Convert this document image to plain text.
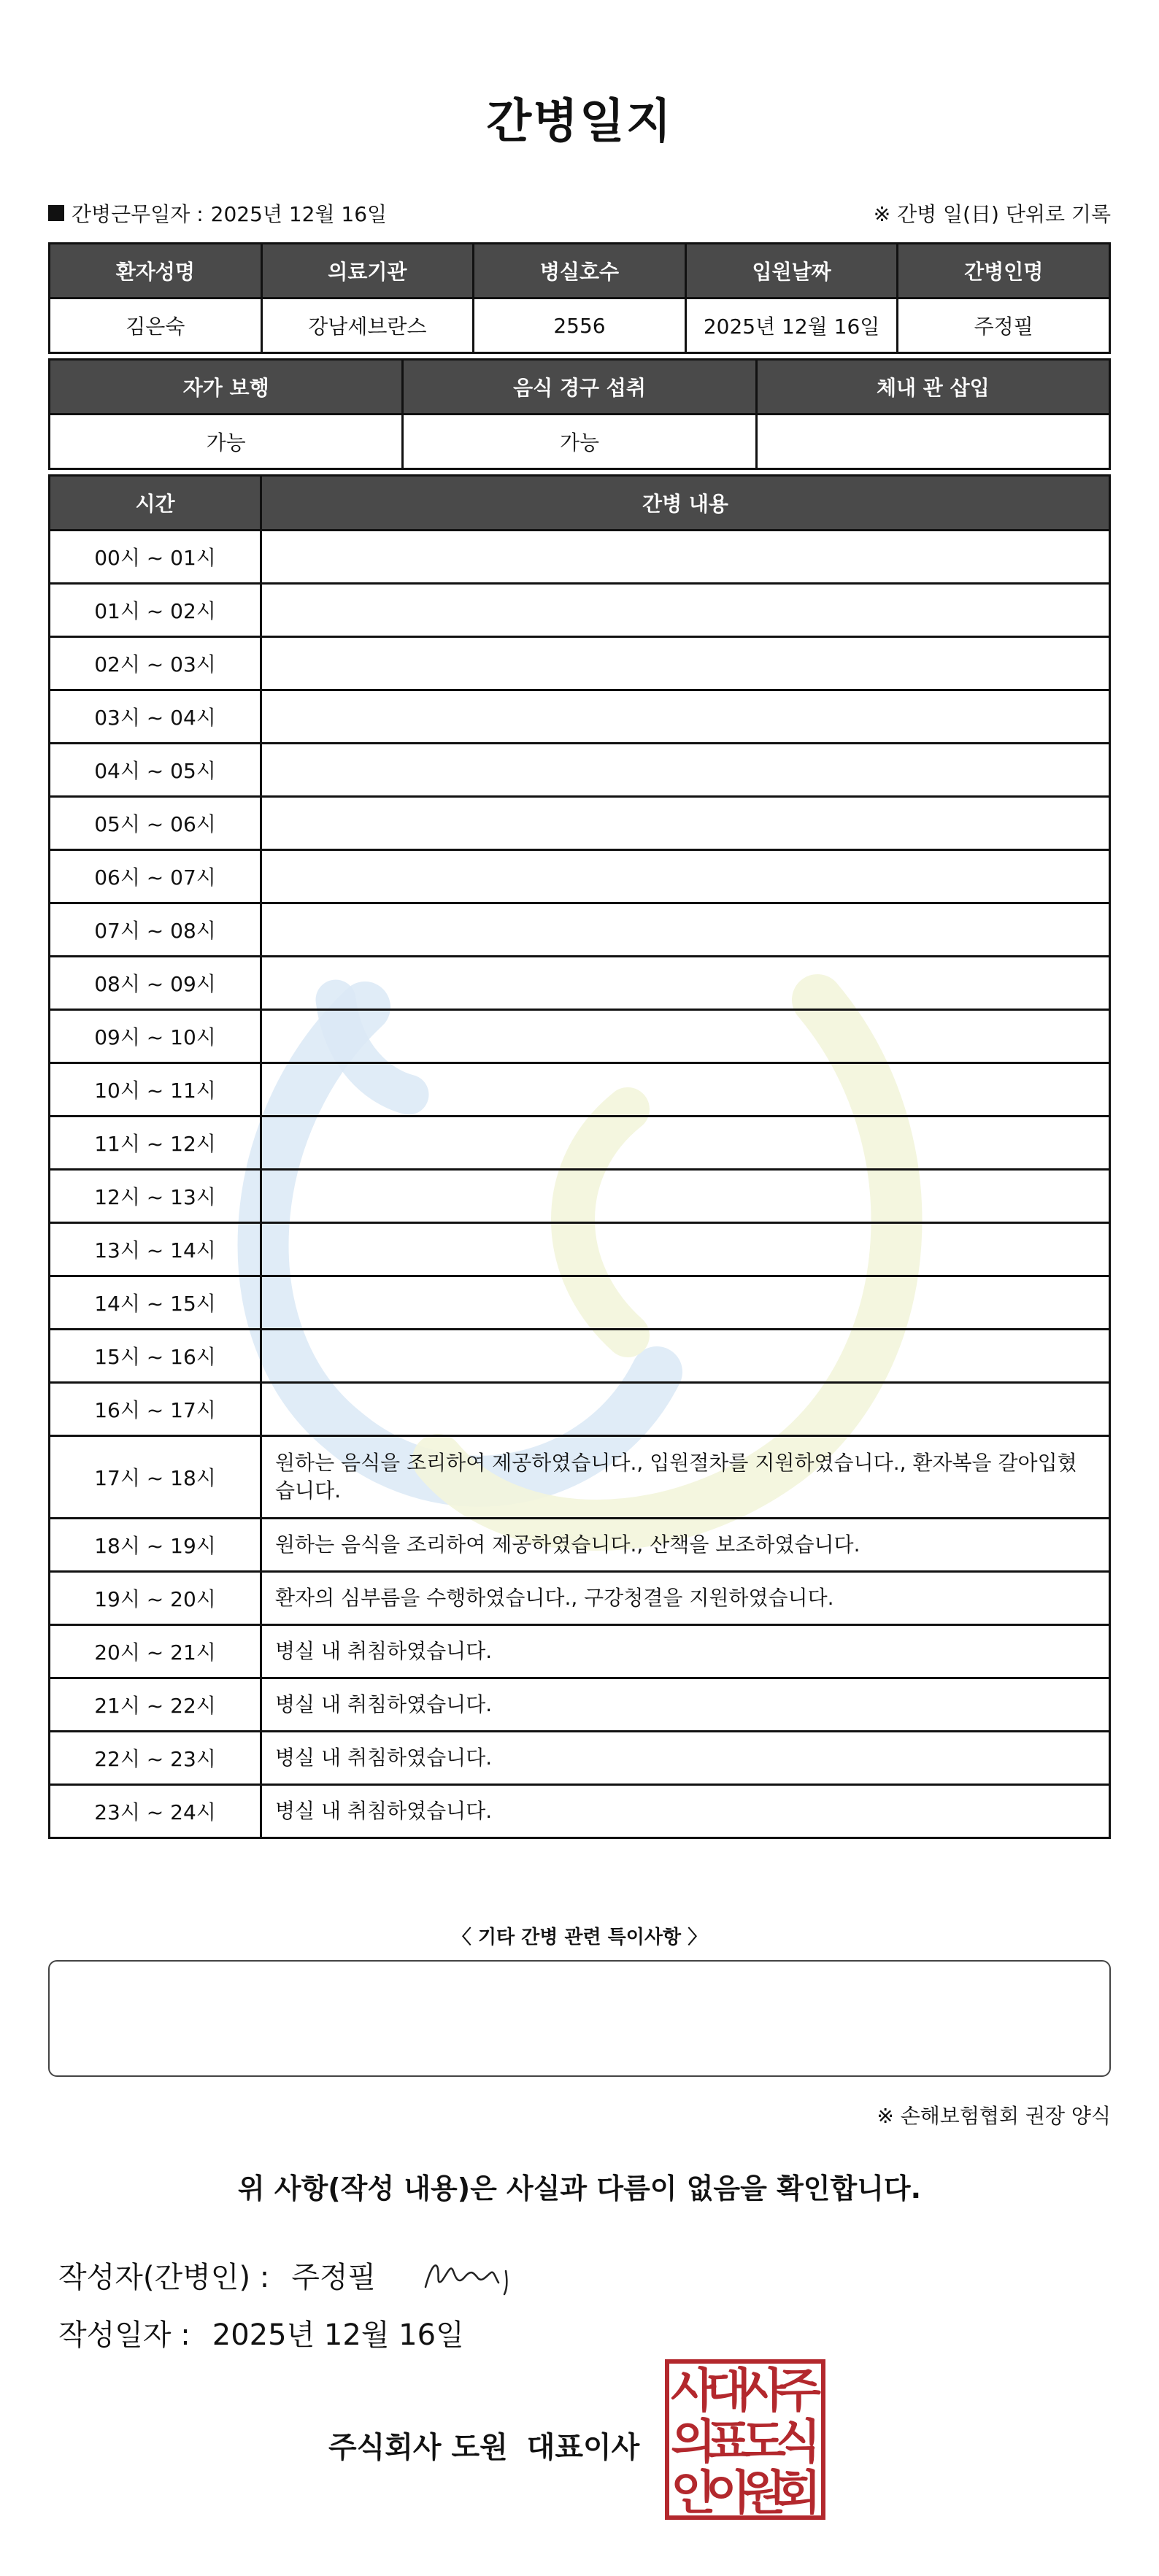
간병일지
간병근무일자 : 2025년 12월 16일	※ 간병 일(日) 단위로 기록
환자성명	의료기관	병실호수	입원날짜	간병인명
김은숙	강남세브란스	2556	2025년 12월 16일	주정필
자가 보행	음식 경구 섭취	체내 관 삽입
가능	가능	
시간	간병 내용
00시 ~ 01시	
01시 ~ 02시	
02시 ~ 03시	
03시 ~ 04시	
04시 ~ 05시	
05시 ~ 06시	
06시 ~ 07시	
07시 ~ 08시	
08시 ~ 09시	
09시 ~ 10시	
10시 ~ 11시	
11시 ~ 12시	
12시 ~ 13시	
13시 ~ 14시	
14시 ~ 15시	
15시 ~ 16시	
16시 ~ 17시	
17시 ~ 18시	원하는 음식을 조리하여 제공하였습니다., 입원절차를 지원하였습니다., 환자복을 갈아입혔습니다.
18시 ~ 19시	원하는 음식을 조리하여 제공하였습니다., 산책을 보조하였습니다.
19시 ~ 20시	환자의 심부름을 수행하였습니다., 구강청결을 지원하였습니다.
20시 ~ 21시	병실 내 취침하였습니다.
21시 ~ 22시	병실 내 취침하였습니다.
22시 ~ 23시	병실 내 취침하였습니다.
23시 ~ 24시	병실 내 취침하였습니다.
〈 기타 간병 관련 특이사항 〉
※ 손해보험협회 권장 양식
위 사항(작성 내용)은 사실과 다름이 없음을 확인합니다.
작성자(간병인) : 주정필
작성일자 : 2025년 12월 16일
주식회사 도원 대표이사
주
식
회
사
도
원
대
표
이
사
의
인
